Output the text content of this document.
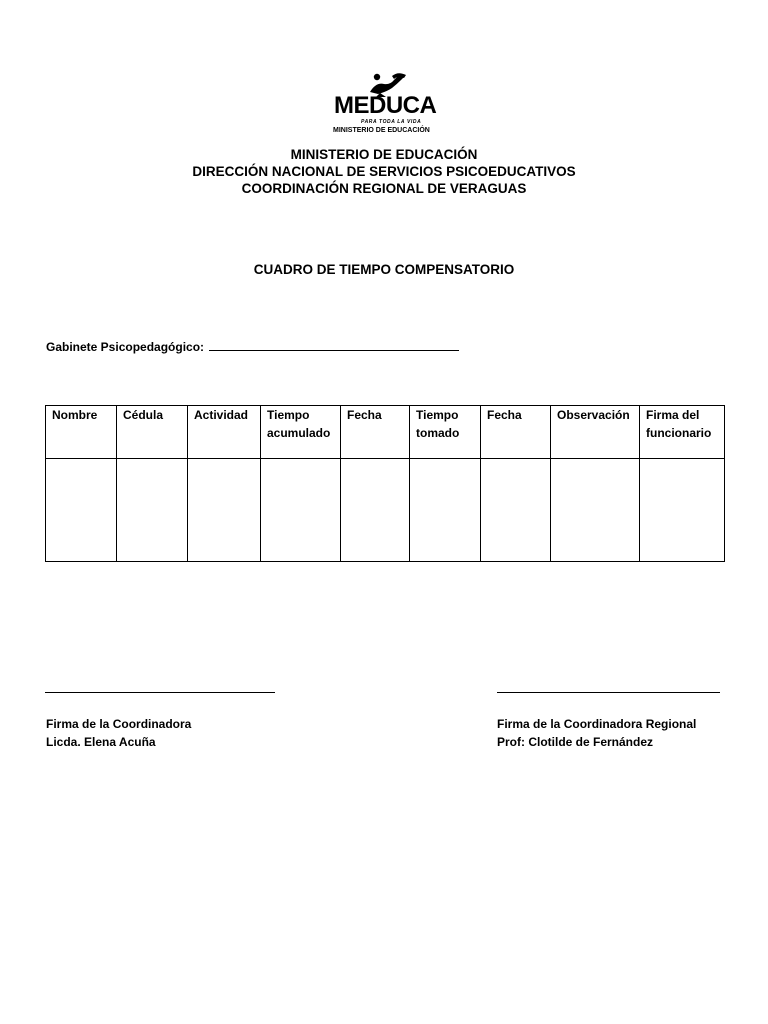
MEDUCA
PARA TODA LA VIDA
MINISTERIO DE EDUCACIÓN
MINISTERIO DE EDUCACIÓN
DIRECCIÓN NACIONAL DE SERVICIOS PSICOEDUCATIVOS
COORDINACIÓN REGIONAL DE VERAGUAS
CUADRO DE TIEMPO COMPENSATORIO
Gabinete Psicopedagógico:
Nombre	Cédula	Actividad	Tiempo acumulado	Fecha	Tiempo tomado	Fecha	Observación	Firma del funcionario

Firma de la Coordinadora
Licda. Elena Acuña
Firma de la Coordinadora Regional
Prof: Clotilde de Fernández
